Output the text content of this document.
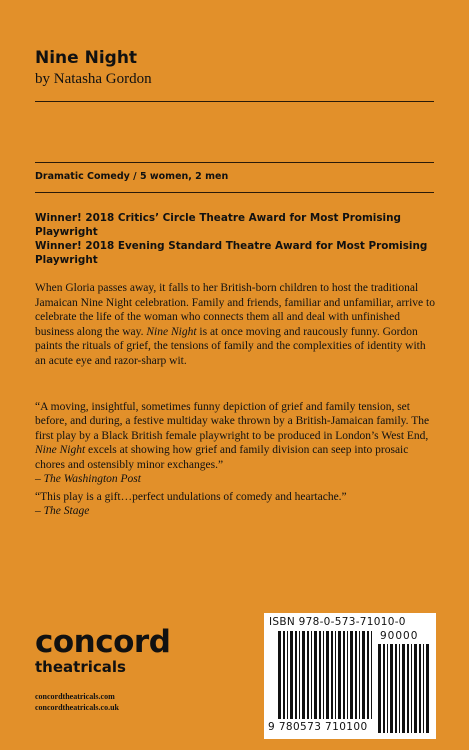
Nine Night
by Natasha Gordon
Dramatic Comedy / 5 women, 2 men

Winner! 2018 Critics’ Circle Theatre Award for Most Promising Playwright

Winner! 2018 Evening Standard Theatre Award for Most Promising Playwright

When Gloria passes away, it falls to her British-born children to host the traditional Jamaican Nine Night celebration. Family and friends, familiar and unfamiliar, arrive to celebrate the life of the woman who connects them all and deal with unfinished business along the way. Nine Night is at once moving and raucously funny. Gordon paints the rituals of grief, the tensions of family and the complexities of identity with an acute eye and razor-sharp wit.

“A moving, insightful, sometimes funny depiction of grief and family tension, set before, and during, a festive multiday wake thrown by a British-Jamaican family. The first play by a Black British female playwright to be produced in London’s West End, Nine Night excels at showing how grief and family division can seep into prosaic chores and ostensibly minor exchanges.”

– The Washington Post

“This play is a gift…perfect undulations of comedy and heartache.”

– The Stage

concord
theatricals
concordtheatricals.com
concordtheatricals.co.uk
ISBN 978-0-573-71010-0
90000
9 780573 710100
